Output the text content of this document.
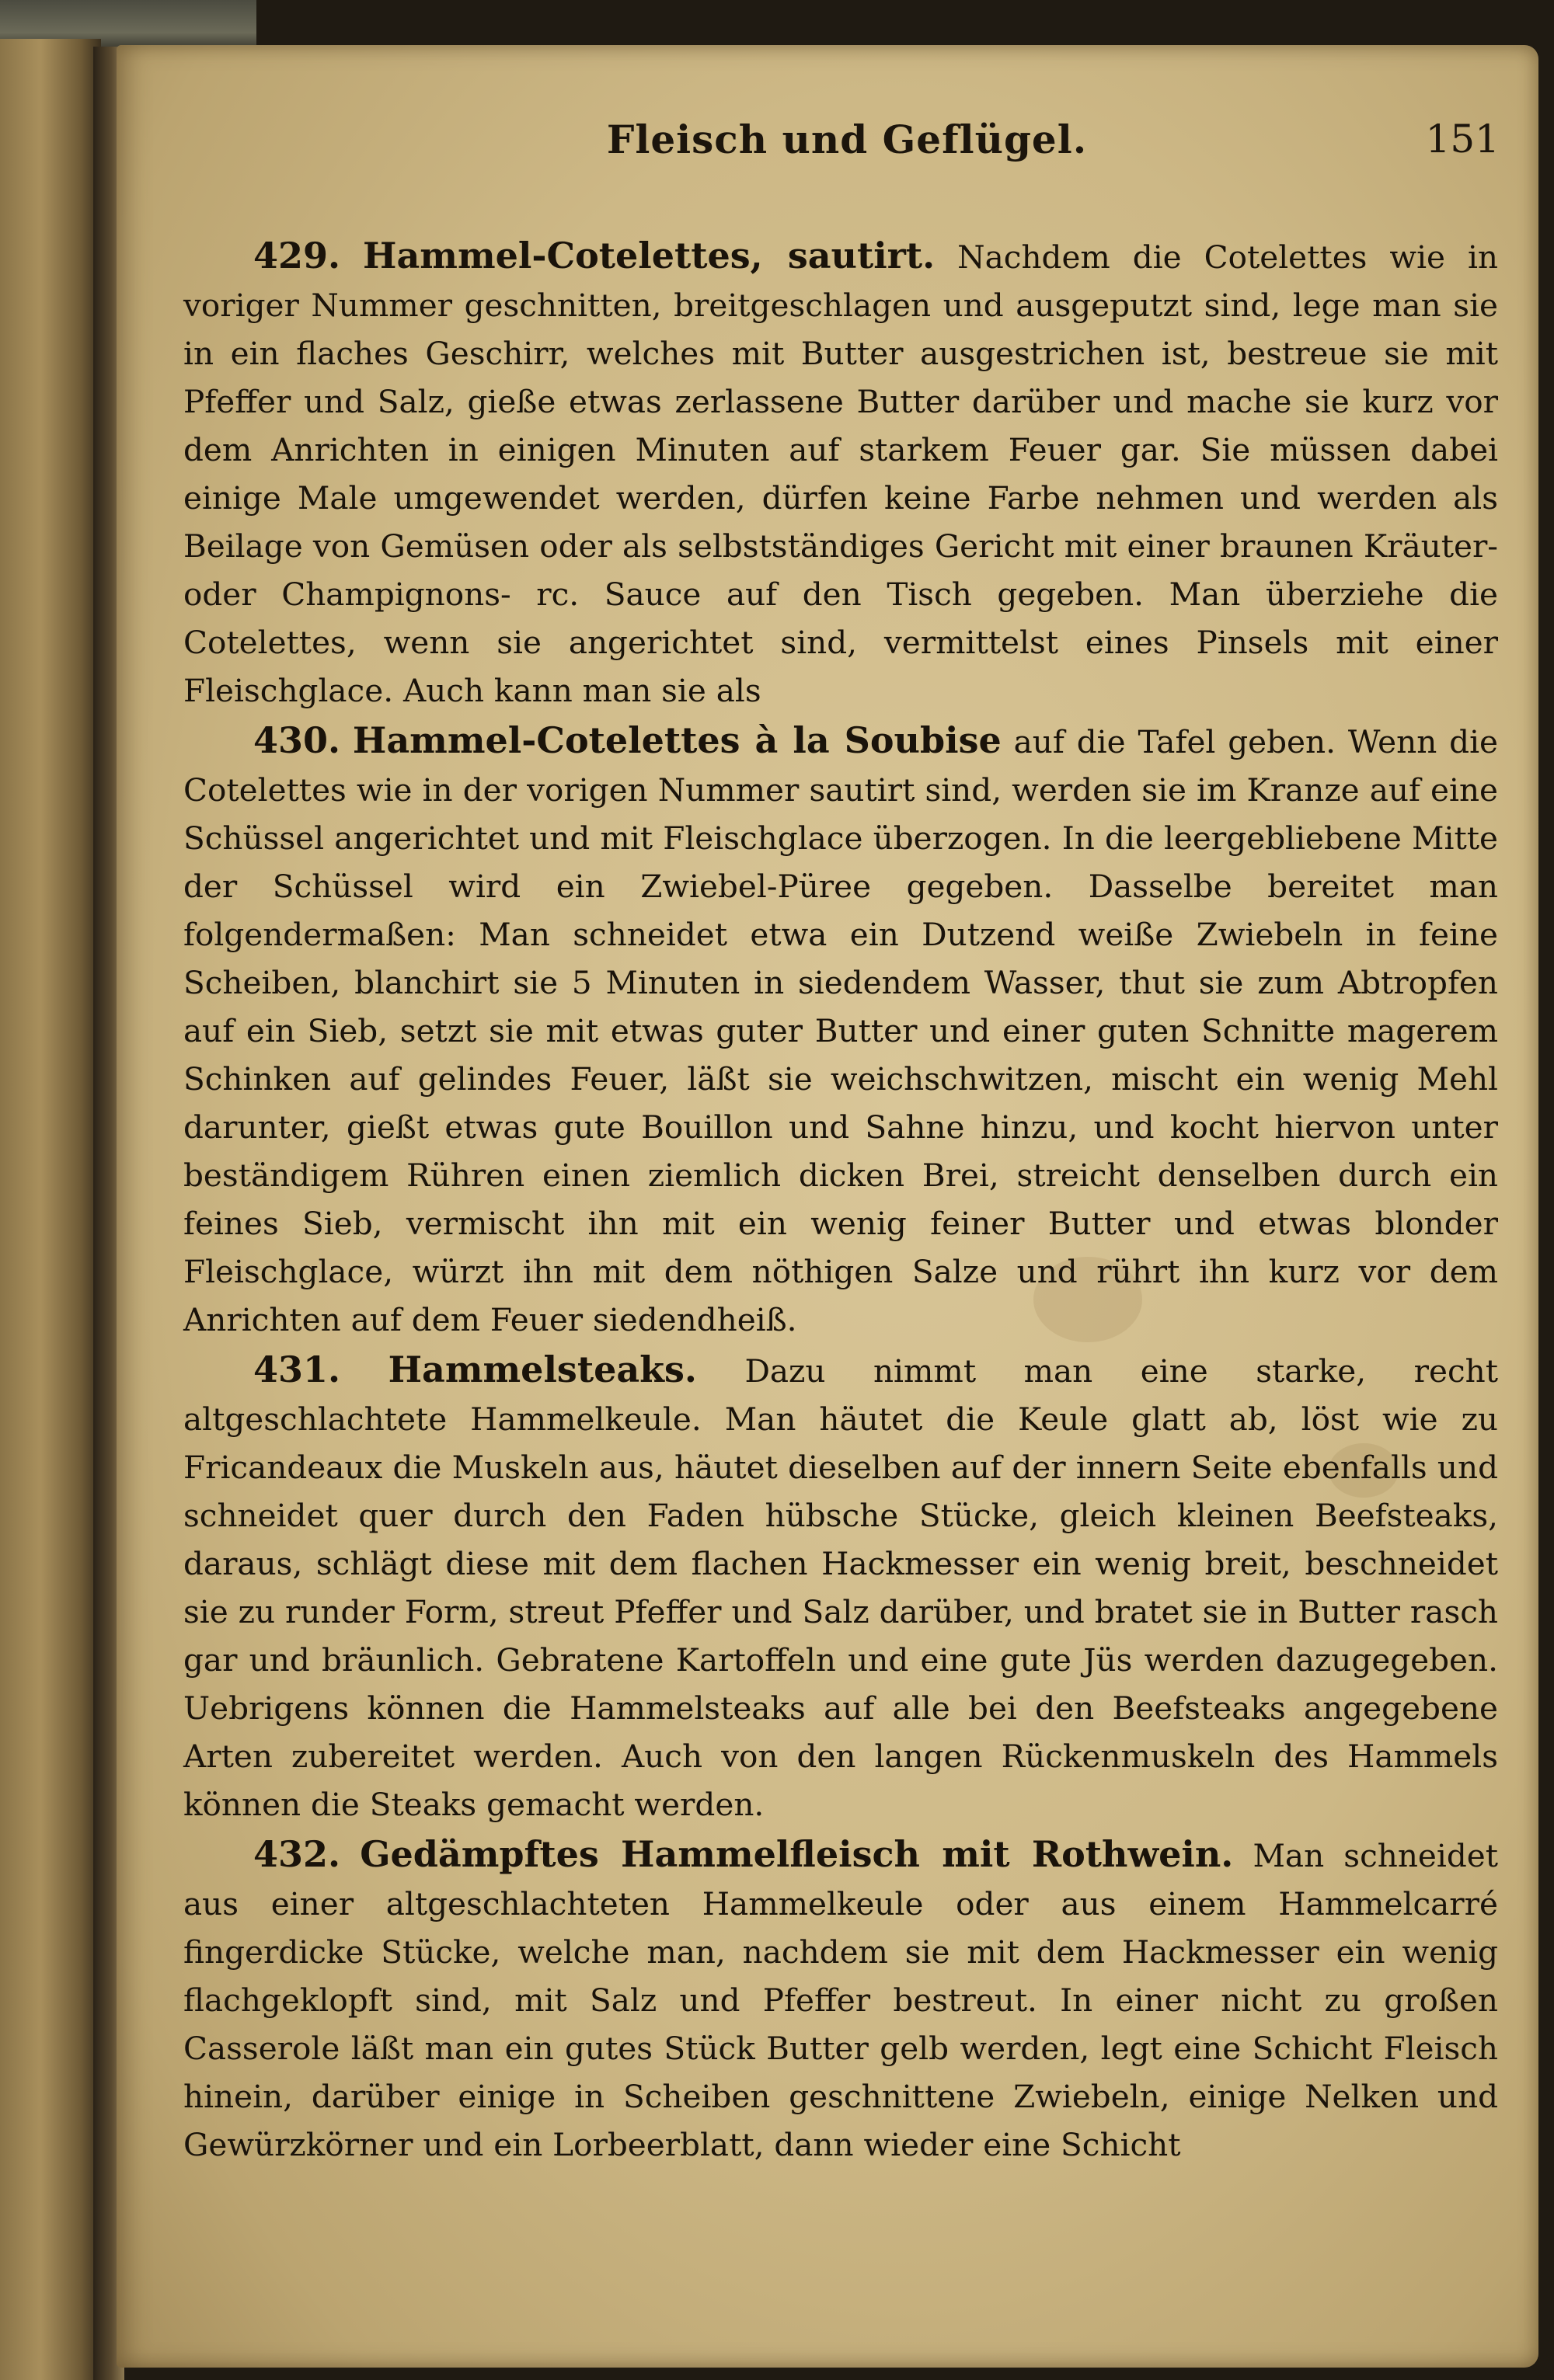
Fleisch und Geflügel.	151

429. Hammel-Cotelettes, sautirt. Nachdem die Cotelettes wie in voriger Nummer geschnitten, breitgeschlagen und ausgeputzt sind, lege man sie in ein flaches Geschirr, welches mit Butter ausgestrichen ist, bestreue sie mit Pfeffer und Salz, gieße etwas zerlassene Butter darüber und mache sie kurz vor dem Anrichten in einigen Minuten auf starkem Feuer gar. Sie müssen dabei einige Male umgewendet werden, dürfen keine Farbe nehmen und werden als Beilage von Gemüsen oder als selbstständiges Gericht mit einer braunen Kräuter- oder Champignons- rc. Sauce auf den Tisch gegeben. Man überziehe die Cotelettes, wenn sie angerichtet sind, vermittelst eines Pinsels mit einer Fleischglace. Auch kann man sie als

430. Hammel-Cotelettes à la Soubise auf die Tafel geben. Wenn die Cotelettes wie in der vorigen Nummer sautirt sind, werden sie im Kranze auf eine Schüssel angerichtet und mit Fleischglace überzogen. In die leergebliebene Mitte der Schüssel wird ein Zwiebel-Püree gegeben. Dasselbe bereitet man folgendermaßen: Man schneidet etwa ein Dutzend weiße Zwiebeln in feine Scheiben, blanchirt sie 5 Minuten in siedendem Wasser, thut sie zum Abtropfen auf ein Sieb, setzt sie mit etwas guter Butter und einer guten Schnitte magerem Schinken auf gelindes Feuer, läßt sie weichschwitzen, mischt ein wenig Mehl darunter, gießt etwas gute Bouillon und Sahne hinzu, und kocht hiervon unter beständigem Rühren einen ziemlich dicken Brei, streicht denselben durch ein feines Sieb, vermischt ihn mit ein wenig feiner Butter und etwas blonder Fleischglace, würzt ihn mit dem nöthigen Salze und rührt ihn kurz vor dem Anrichten auf dem Feuer siedendheiß.

431. Hammelsteaks. Dazu nimmt man eine starke, recht altgeschlachtete Hammelkeule. Man häutet die Keule glatt ab, löst wie zu Fricandeaux die Muskeln aus, häutet dieselben auf der innern Seite ebenfalls und schneidet quer durch den Faden hübsche Stücke, gleich kleinen Beefsteaks, daraus, schlägt diese mit dem flachen Hackmesser ein wenig breit, beschneidet sie zu runder Form, streut Pfeffer und Salz darüber, und bratet sie in Butter rasch gar und bräunlich. Gebratene Kartoffeln und eine gute Jüs werden dazugegeben. Uebrigens können die Hammelsteaks auf alle bei den Beefsteaks angegebene Arten zubereitet werden. Auch von den langen Rückenmuskeln des Hammels können die Steaks gemacht werden.

432. Gedämpftes Hammelfleisch mit Rothwein. Man schneidet aus einer altgeschlachteten Hammelkeule oder aus einem Hammelcarré fingerdicke Stücke, welche man, nachdem sie mit dem Hackmesser ein wenig flachgeklopft sind, mit Salz und Pfeffer bestreut. In einer nicht zu großen Casserole läßt man ein gutes Stück Butter gelb werden, legt eine Schicht Fleisch hinein, darüber einige in Scheiben geschnittene Zwiebeln, einige Nelken und Gewürzkörner und ein Lorbeerblatt, dann wieder eine Schicht
